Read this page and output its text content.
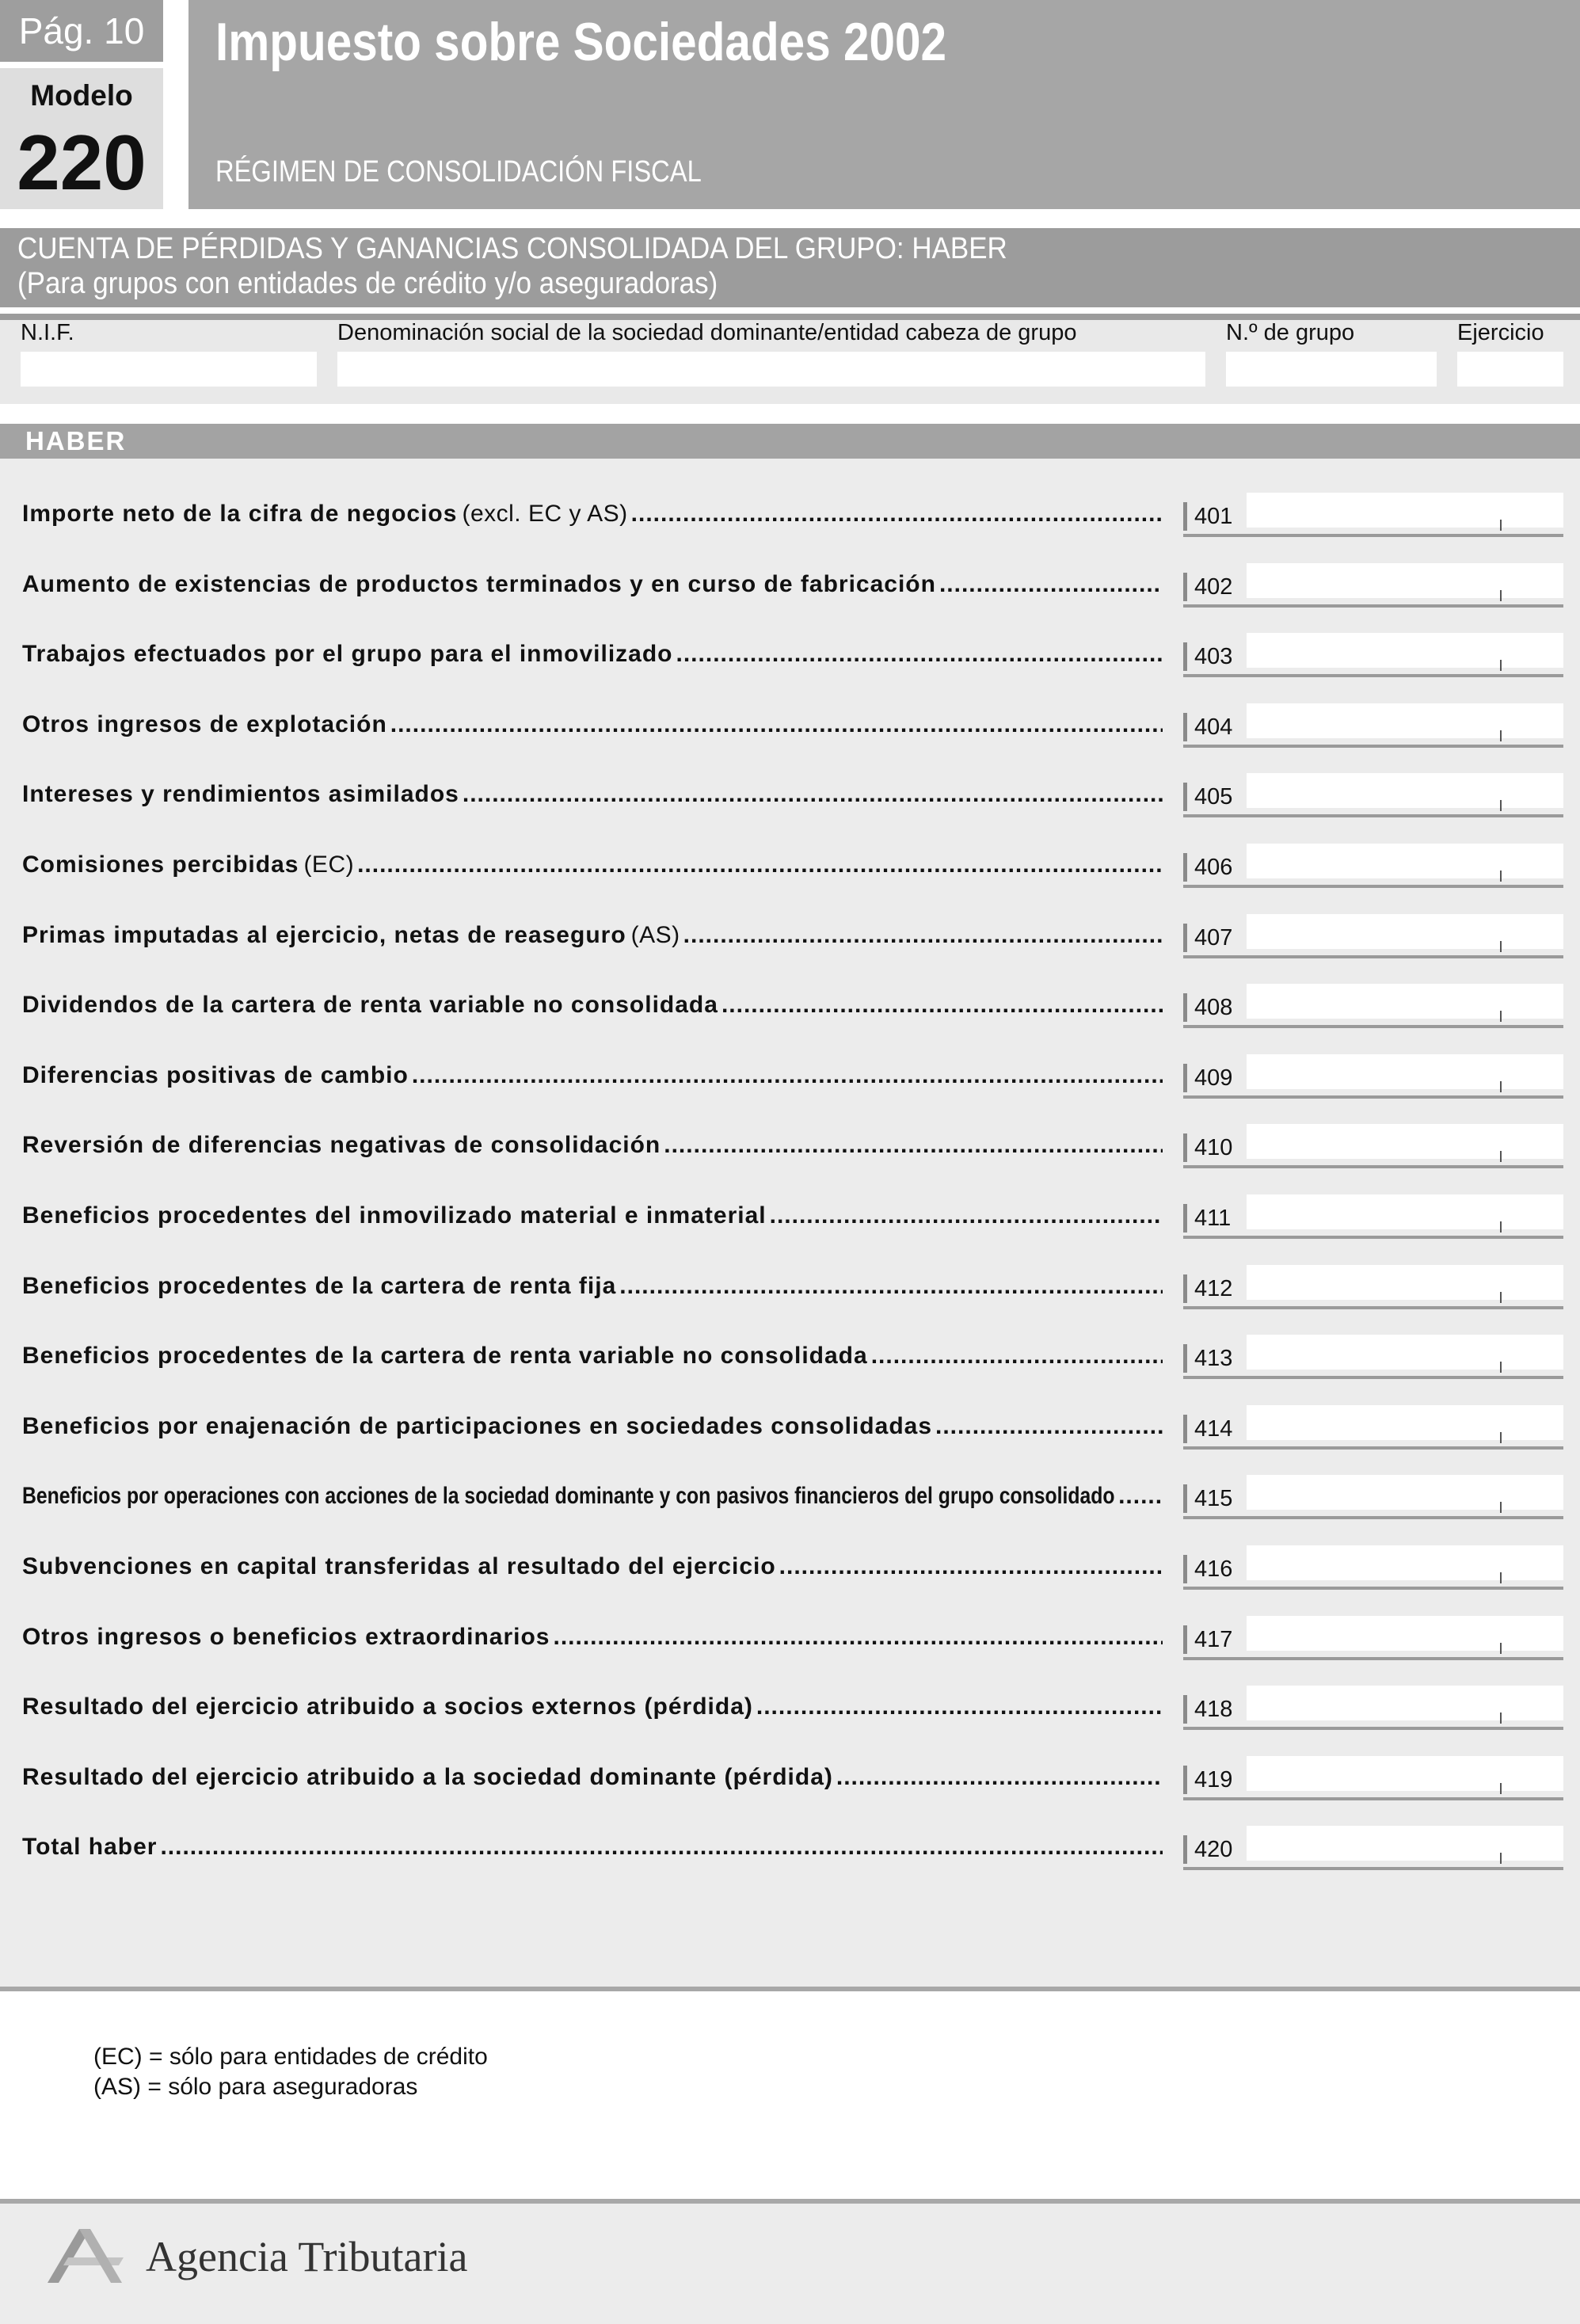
Pág. 10
Modelo
220
Impuesto sobre Sociedades 2002
RÉGIMEN DE CONSOLIDACIÓN FISCAL
CUENTA DE PÉRDIDAS Y GANANCIAS CONSOLIDADA DEL GRUPO: HABER
(Para grupos con entidades de crédito y/o aseguradoras)
N.I.F.	Denominación social de la sociedad dominante/entidad cabeza de grupo	N.º de grupo	Ejercicio
HABER
Importe neto de la cifra de negocios (excl. EC y AS) .....	401
Aumento de existencias de productos terminados y en curso de fabricación .....	402
Trabajos efectuados por el grupo para el inmovilizado .....	403
Otros ingresos de explotación .....	404
Intereses y rendimientos asimilados .....	405
Comisiones percibidas (EC) .....	406
Primas imputadas al ejercicio, netas de reaseguro (AS) .....	407
Dividendos de la cartera de renta variable no consolidada .....	408
Diferencias positivas de cambio .....	409
Reversión de diferencias negativas de consolidación .....	410
Beneficios procedentes del inmovilizado material e inmaterial .....	411
Beneficios procedentes de la cartera de renta fija .....	412
Beneficios procedentes de la cartera de renta variable no consolidada .....	413
Beneficios por enajenación de participaciones en sociedades consolidadas .....	414
Beneficios por operaciones con acciones de la sociedad dominante y con pasivos financieros del grupo consolidado .....	415
Subvenciones en capital transferidas al resultado del ejercicio .....	416
Otros ingresos o beneficios extraordinarios .....	417
Resultado del ejercicio atribuido a socios externos (pérdida) .....	418
Resultado del ejercicio atribuido a la sociedad dominante (pérdida) .....	419
Total haber .....	420
(EC) = sólo para entidades de crédito
(AS) = sólo para aseguradoras
Agencia Tributaria
